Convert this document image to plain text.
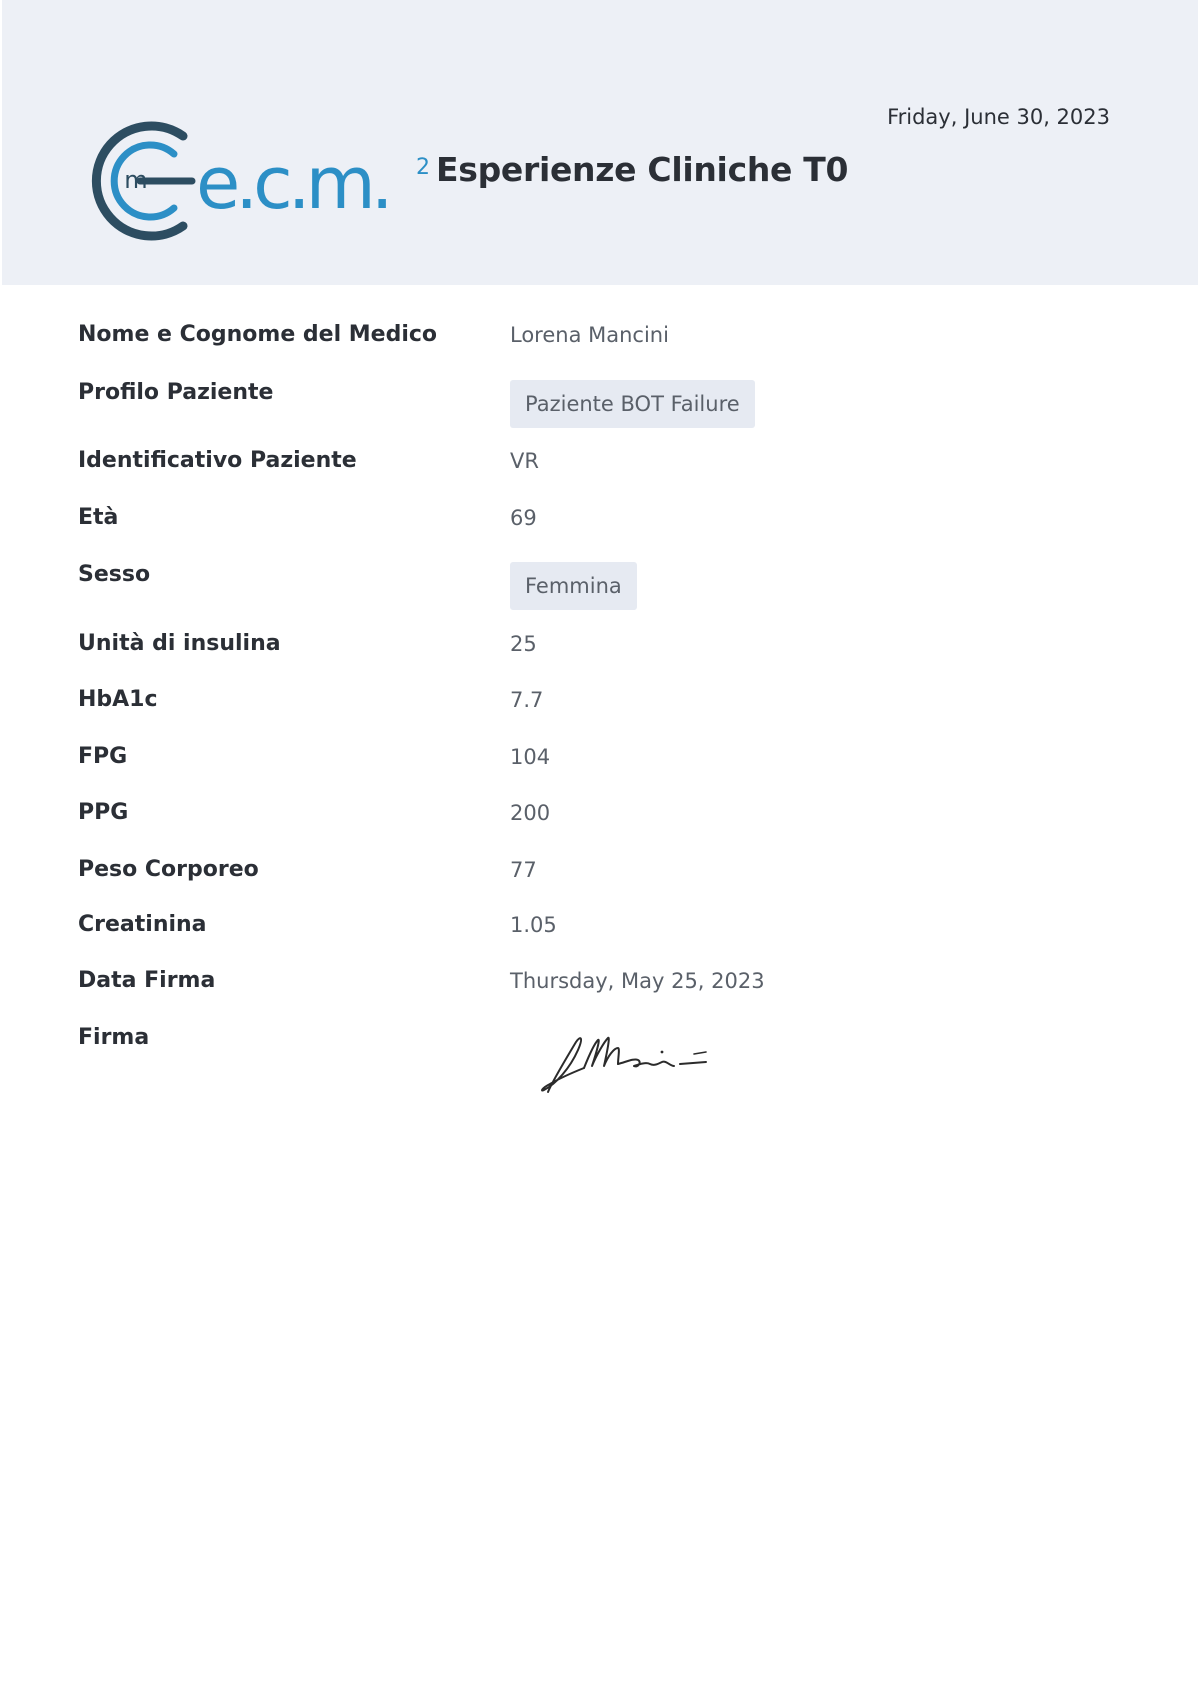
m e.c.m. 2 Esperienze Cliniche T0
Friday, June 30, 2023
Nome e Cognome del Medico	Lorena Mancini
Profilo Paziente	Paziente BOT Failure
Identificativo Paziente	VR
Età	69
Sesso	Femmina
Unità di insulina	25
HbA1c	7.7
FPG	104
PPG	200
Peso Corporeo	77
Creatinina	1.05
Data Firma	Thursday, May 25, 2023
Firma
